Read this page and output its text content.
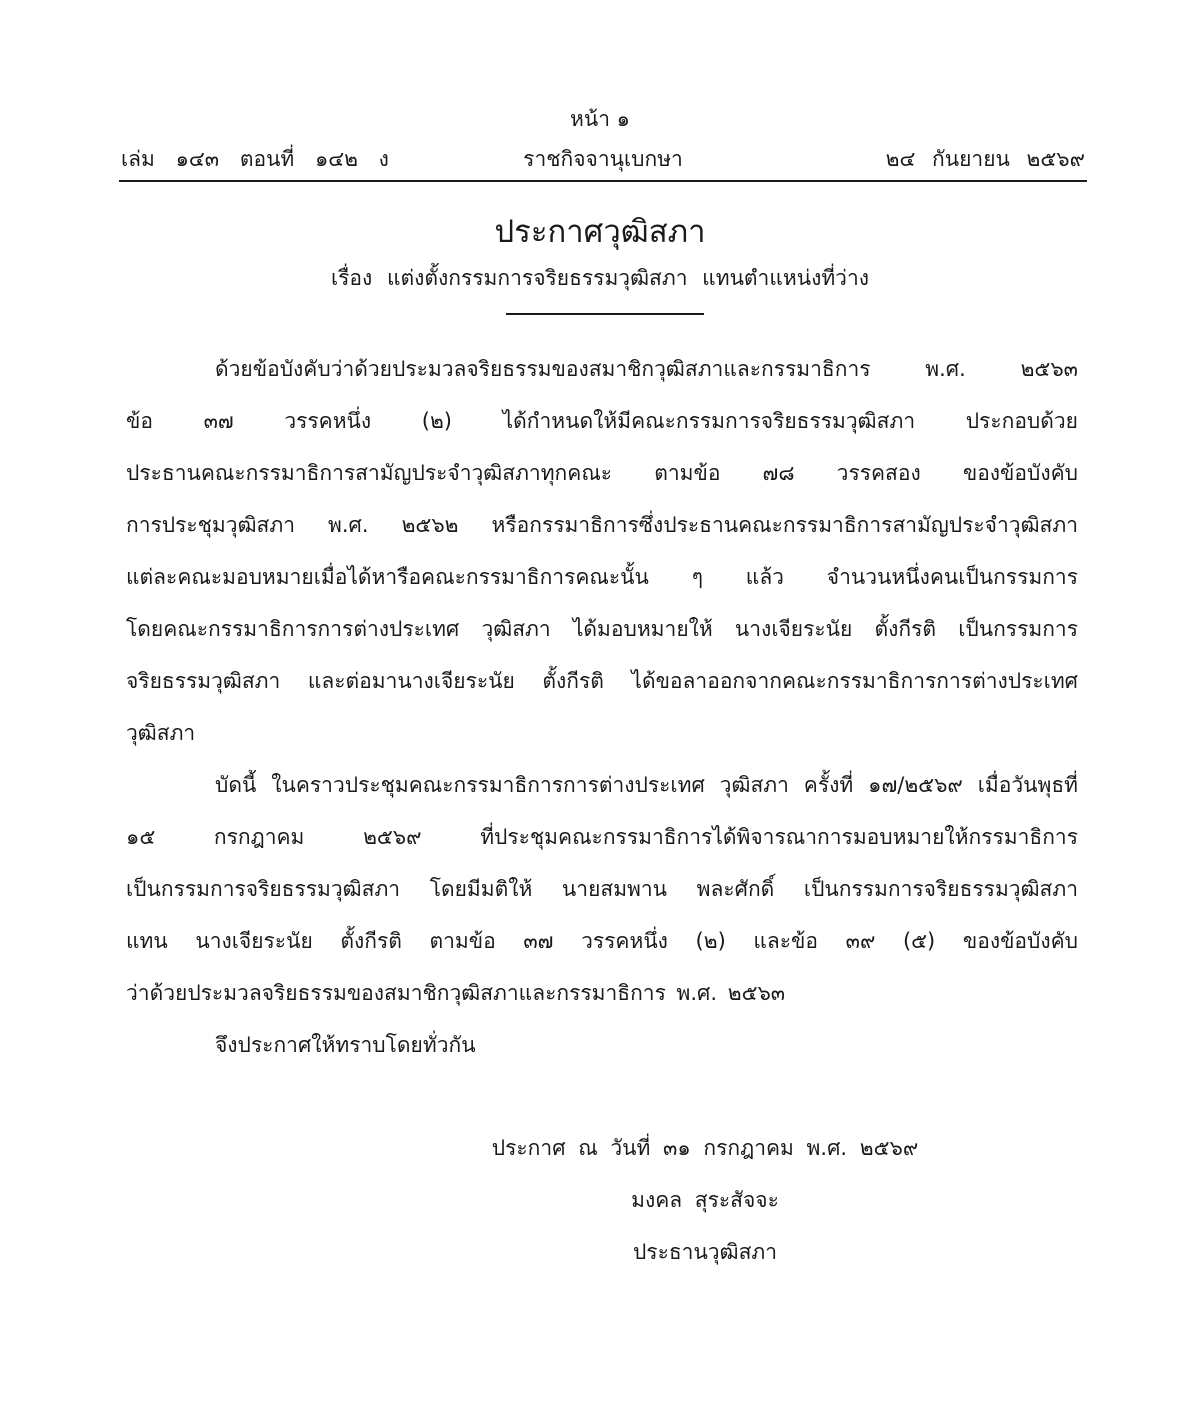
หน้า ๑
เล่ม ๑๔๓ ตอนที่ ๑๔๒ ง	ราชกิจจานุเบกษา	๒๔ กันยายน ๒๕๖๙
ประกาศวุฒิสภา
เรื่อง แต่งตั้งกรรมการจริยธรรมวุฒิสภา แทนตำแหน่งที่ว่าง
ด้วยข้อบังคับว่าด้วยประมวลจริยธรรมของสมาชิกวุฒิสภาและกรรมาธิการ พ.ศ. ๒๕๖๓
ข้อ ๓๗ วรรคหนึ่ง (๒) ได้กำหนดให้มีคณะกรรมการจริยธรรมวุฒิสภา ประกอบด้วย
ประธานคณะกรรมาธิการสามัญประจำวุฒิสภาทุกคณะ ตามข้อ ๗๘ วรรคสอง ของข้อบังคับ
การประชุมวุฒิสภา พ.ศ. ๒๕๖๒ หรือกรรมาธิการซึ่งประธานคณะกรรมาธิการสามัญประจำวุฒิสภา
แต่ละคณะมอบหมายเมื่อได้หารือคณะกรรมาธิการคณะนั้น ๆ แล้ว จำนวนหนึ่งคนเป็นกรรมการ
โดยคณะกรรมาธิการการต่างประเทศ วุฒิสภา ได้มอบหมายให้ นางเจียระนัย ตั้งกีรติ เป็นกรรมการ
จริยธรรมวุฒิสภา และต่อมานางเจียระนัย ตั้งกีรติ ได้ขอลาออกจากคณะกรรมาธิการการต่างประเทศ
วุฒิสภา
บัดนี้ ในคราวประชุมคณะกรรมาธิการการต่างประเทศ วุฒิสภา ครั้งที่ ๑๗/๒๕๖๙ เมื่อวันพุธที่
๑๕ กรกฎาคม ๒๕๖๙ ที่ประชุมคณะกรรมาธิการได้พิจารณาการมอบหมายให้กรรมาธิการ
เป็นกรรมการจริยธรรมวุฒิสภา โดยมีมติให้ นายสมพาน พละศักดิ์ เป็นกรรมการจริยธรรมวุฒิสภา
แทน นางเจียระนัย ตั้งกีรติ ตามข้อ ๓๗ วรรคหนึ่ง (๒) และข้อ ๓๙ (๕) ของข้อบังคับ
ว่าด้วยประมวลจริยธรรมของสมาชิกวุฒิสภาและกรรมาธิการ พ.ศ. ๒๕๖๓
จึงประกาศให้ทราบโดยทั่วกัน
ประกาศ ณ วันที่ ๓๑ กรกฎาคม พ.ศ. ๒๕๖๙
มงคล สุระสัจจะ
ประธานวุฒิสภา
